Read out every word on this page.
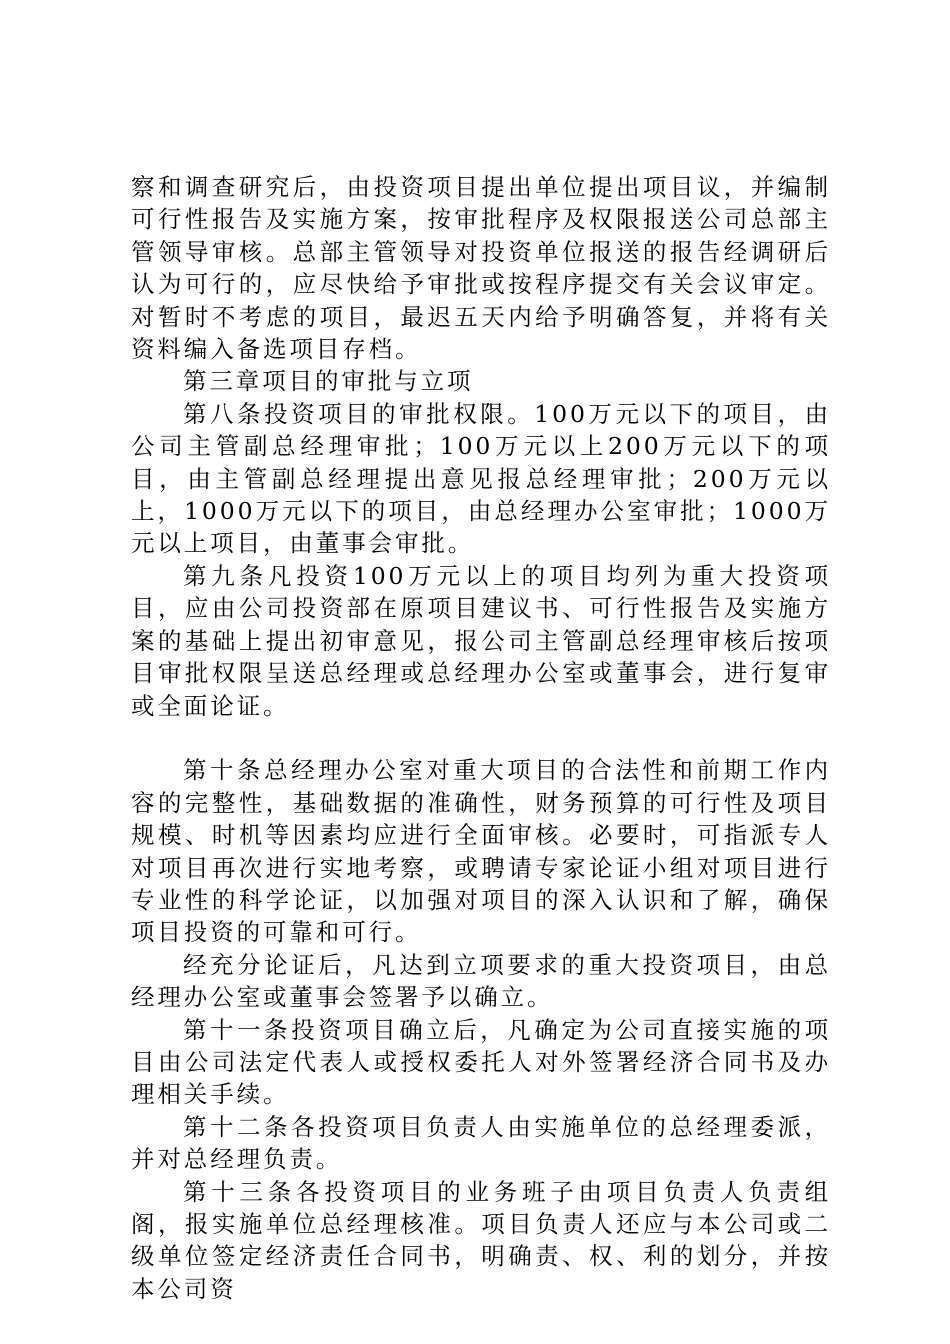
察和调查研究后，由投资项目提出单位提出项目议，并编制可行性报告及实施方案，按审批程序及权限报送公司总部主管领导审核。总部主管领导对投资单位报送的报告经调研后认为可行的，应尽快给予审批或按程序提交有关会议审定。对暂时不考虑的项目，最迟五天内给予明确答复，并将有关资料编入备选项目存档。

第三章项目的审批与立项

第八条投资项目的审批权限。100万元以下的项目，由公司主管副总经理审批；100万元以上200万元以下的项目，由主管副总经理提出意见报总经理审批；200万元以上，1000万元以下的项目，由总经理办公室审批；1000万元以上项目，由董事会审批。

第九条凡投资100万元以上的项目均列为重大投资项目，应由公司投资部在原项目建议书、可行性报告及实施方案的基础上提出初审意见，报公司主管副总经理审核后按项目审批权限呈送总经理或总经理办公室或董事会，进行复审或全面论证。

第十条总经理办公室对重大项目的合法性和前期工作内容的完整性，基础数据的准确性，财务预算的可行性及项目规模、时机等因素均应进行全面审核。必要时，可指派专人对项目再次进行实地考察，或聘请专家论证小组对项目进行专业性的科学论证，以加强对项目的深入认识和了解，确保项目投资的可靠和可行。

经充分论证后，凡达到立项要求的重大投资项目，由总经理办公室或董事会签署予以确立。

第十一条投资项目确立后，凡确定为公司直接实施的项目由公司法定代表人或授权委托人对外签署经济合同书及办理相关手续。

第十二条各投资项目负责人由实施单位的总经理委派，并对总经理负责。

第十三条各投资项目的业务班子由项目负责人负责组阁，报实施单位总经理核准。项目负责人还应与本公司或二级单位签定经济责任合同书，明确责、权、利的划分，并按本公司资
